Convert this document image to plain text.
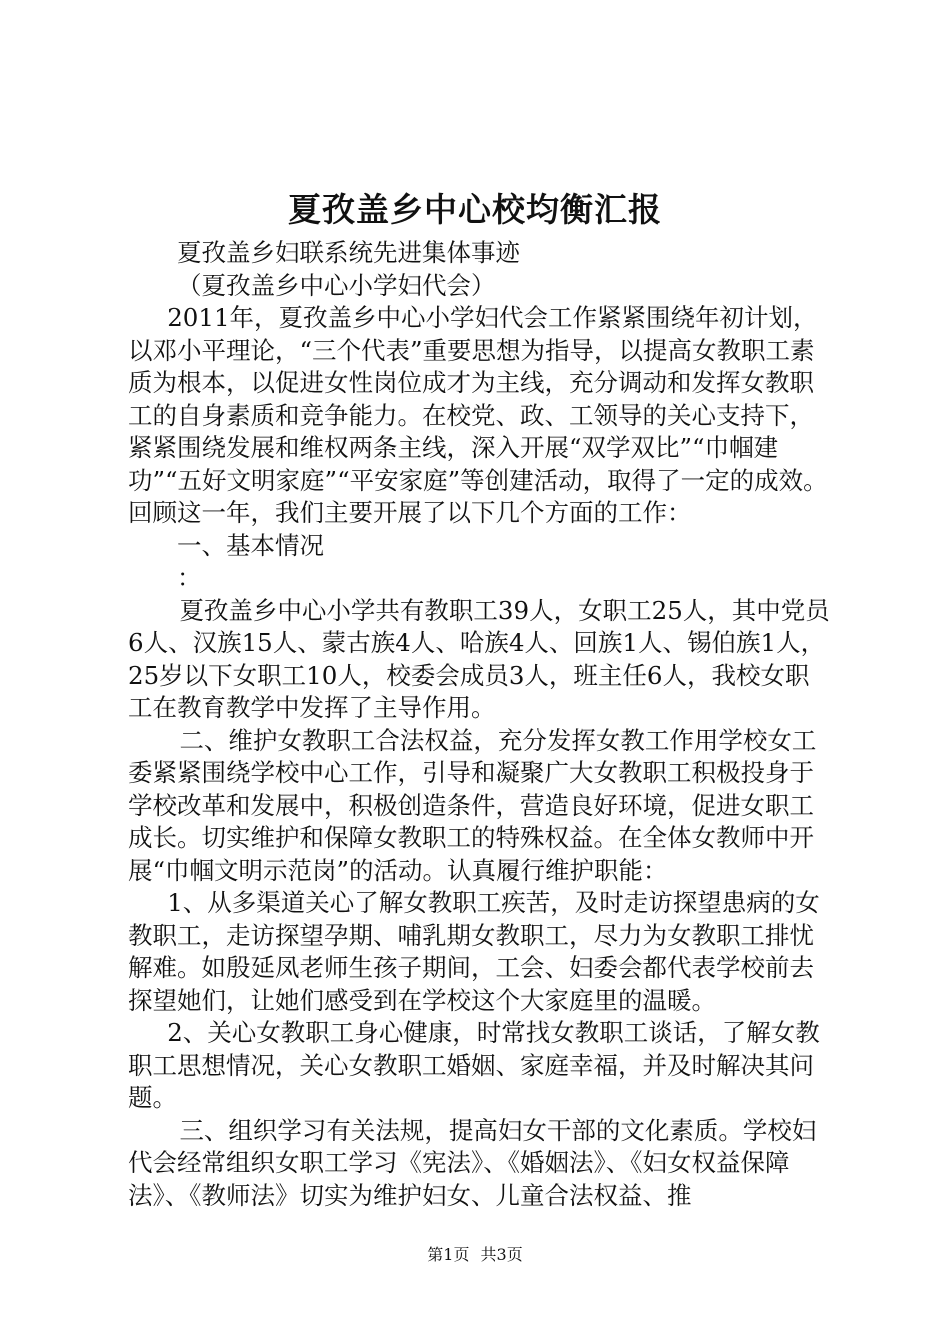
夏孜盖乡中心校均衡汇报

夏孜盖乡妇联系统先进集体事迹

（夏孜盖乡中心小学妇代会）

2011年，夏孜盖乡中心小学妇代会工作紧紧围绕年初计划，以邓小平理论，“三个代表”重要思想为指导，以提高女教职工素质为根本，以促进女性岗位成才为主线，充分调动和发挥女教职工的自身素质和竞争能力。在校党、政、工领导的关心支持下，紧紧围绕发展和维权两条主线，深入开展“双学双比”“巾帼建功”“五好文明家庭”“平安家庭”等创建活动，取得了一定的成效。回顾这一年，我们主要开展了以下几个方面的工作：

一、基本情况

：

夏孜盖乡中心小学共有教职工39人，女职工25人，其中党员6人、汉族15人、蒙古族4人、哈族4人、回族1人、锡伯族1人，25岁以下女职工10人，校委会成员3人，班主任6人，我校女职工在教育教学中发挥了主导作用。

二、维护女教职工合法权益，充分发挥女教工作用学校女工委紧紧围绕学校中心工作，引导和凝聚广大女教职工积极投身于学校改革和发展中，积极创造条件，营造良好环境，促进女职工成长。切实维护和保障女教职工的特殊权益。在全体女教师中开展“巾帼文明示范岗”的活动。认真履行维护职能：

1、从多渠道关心了解女教职工疾苦，及时走访探望患病的女教职工，走访探望孕期、哺乳期女教职工，尽力为女教职工排忧解难。如殷延凤老师生孩子期间，工会、妇委会都代表学校前去探望她们，让她们感受到在学校这个大家庭里的温暖。

2、关心女教职工身心健康，时常找女教职工谈话，了解女教职工思想情况，关心女教职工婚姻、家庭幸福，并及时解决其问题。

三、组织学习有关法规，提高妇女干部的文化素质。学校妇代会经常组织女职工学习《宪法》、《婚姻法》、《妇女权益保障法》、《教师法》切实为维护妇女、儿童合法权益、推

第1页 共3页
